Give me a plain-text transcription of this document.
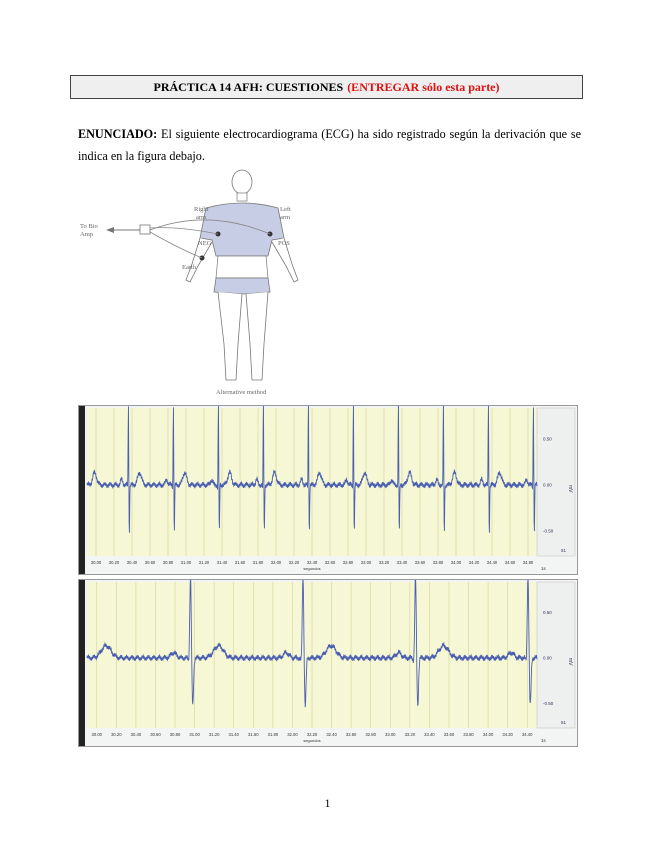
PRÁCTICA 14 AFH: CUESTIONES (ENTREGAR sólo esta parte)
ENUNCIADO: El siguiente electrocardiograma (ECG) ha sido registrado según la derivación que se indica en la figura debajo.
To Bio
Amp
Right
arm
Left
arm
NEG	POS
Earth
Alternative method
30.00 30.20 30.40 30.60 30.80 31.00 31.20 31.40 31.60 31.80 32.00 32.20 32.40 32.60 32.80 33.00 33.20 33.40 33.60 33.80 34.00 34.20 34.40 34.60 34.80
segundos	1s
0.50
0.00
-0.50
mV
51
30.00 30.20 30.40 30.60 30.80 31.00 31.20 31.40 31.60 31.80 32.00 32.20 32.40 32.60 32.80 33.00 33.20 33.40 33.60 33.80 34.00 34.20 34.40
segundos	1s
0.50
0.00
-0.50
mV
51
1
